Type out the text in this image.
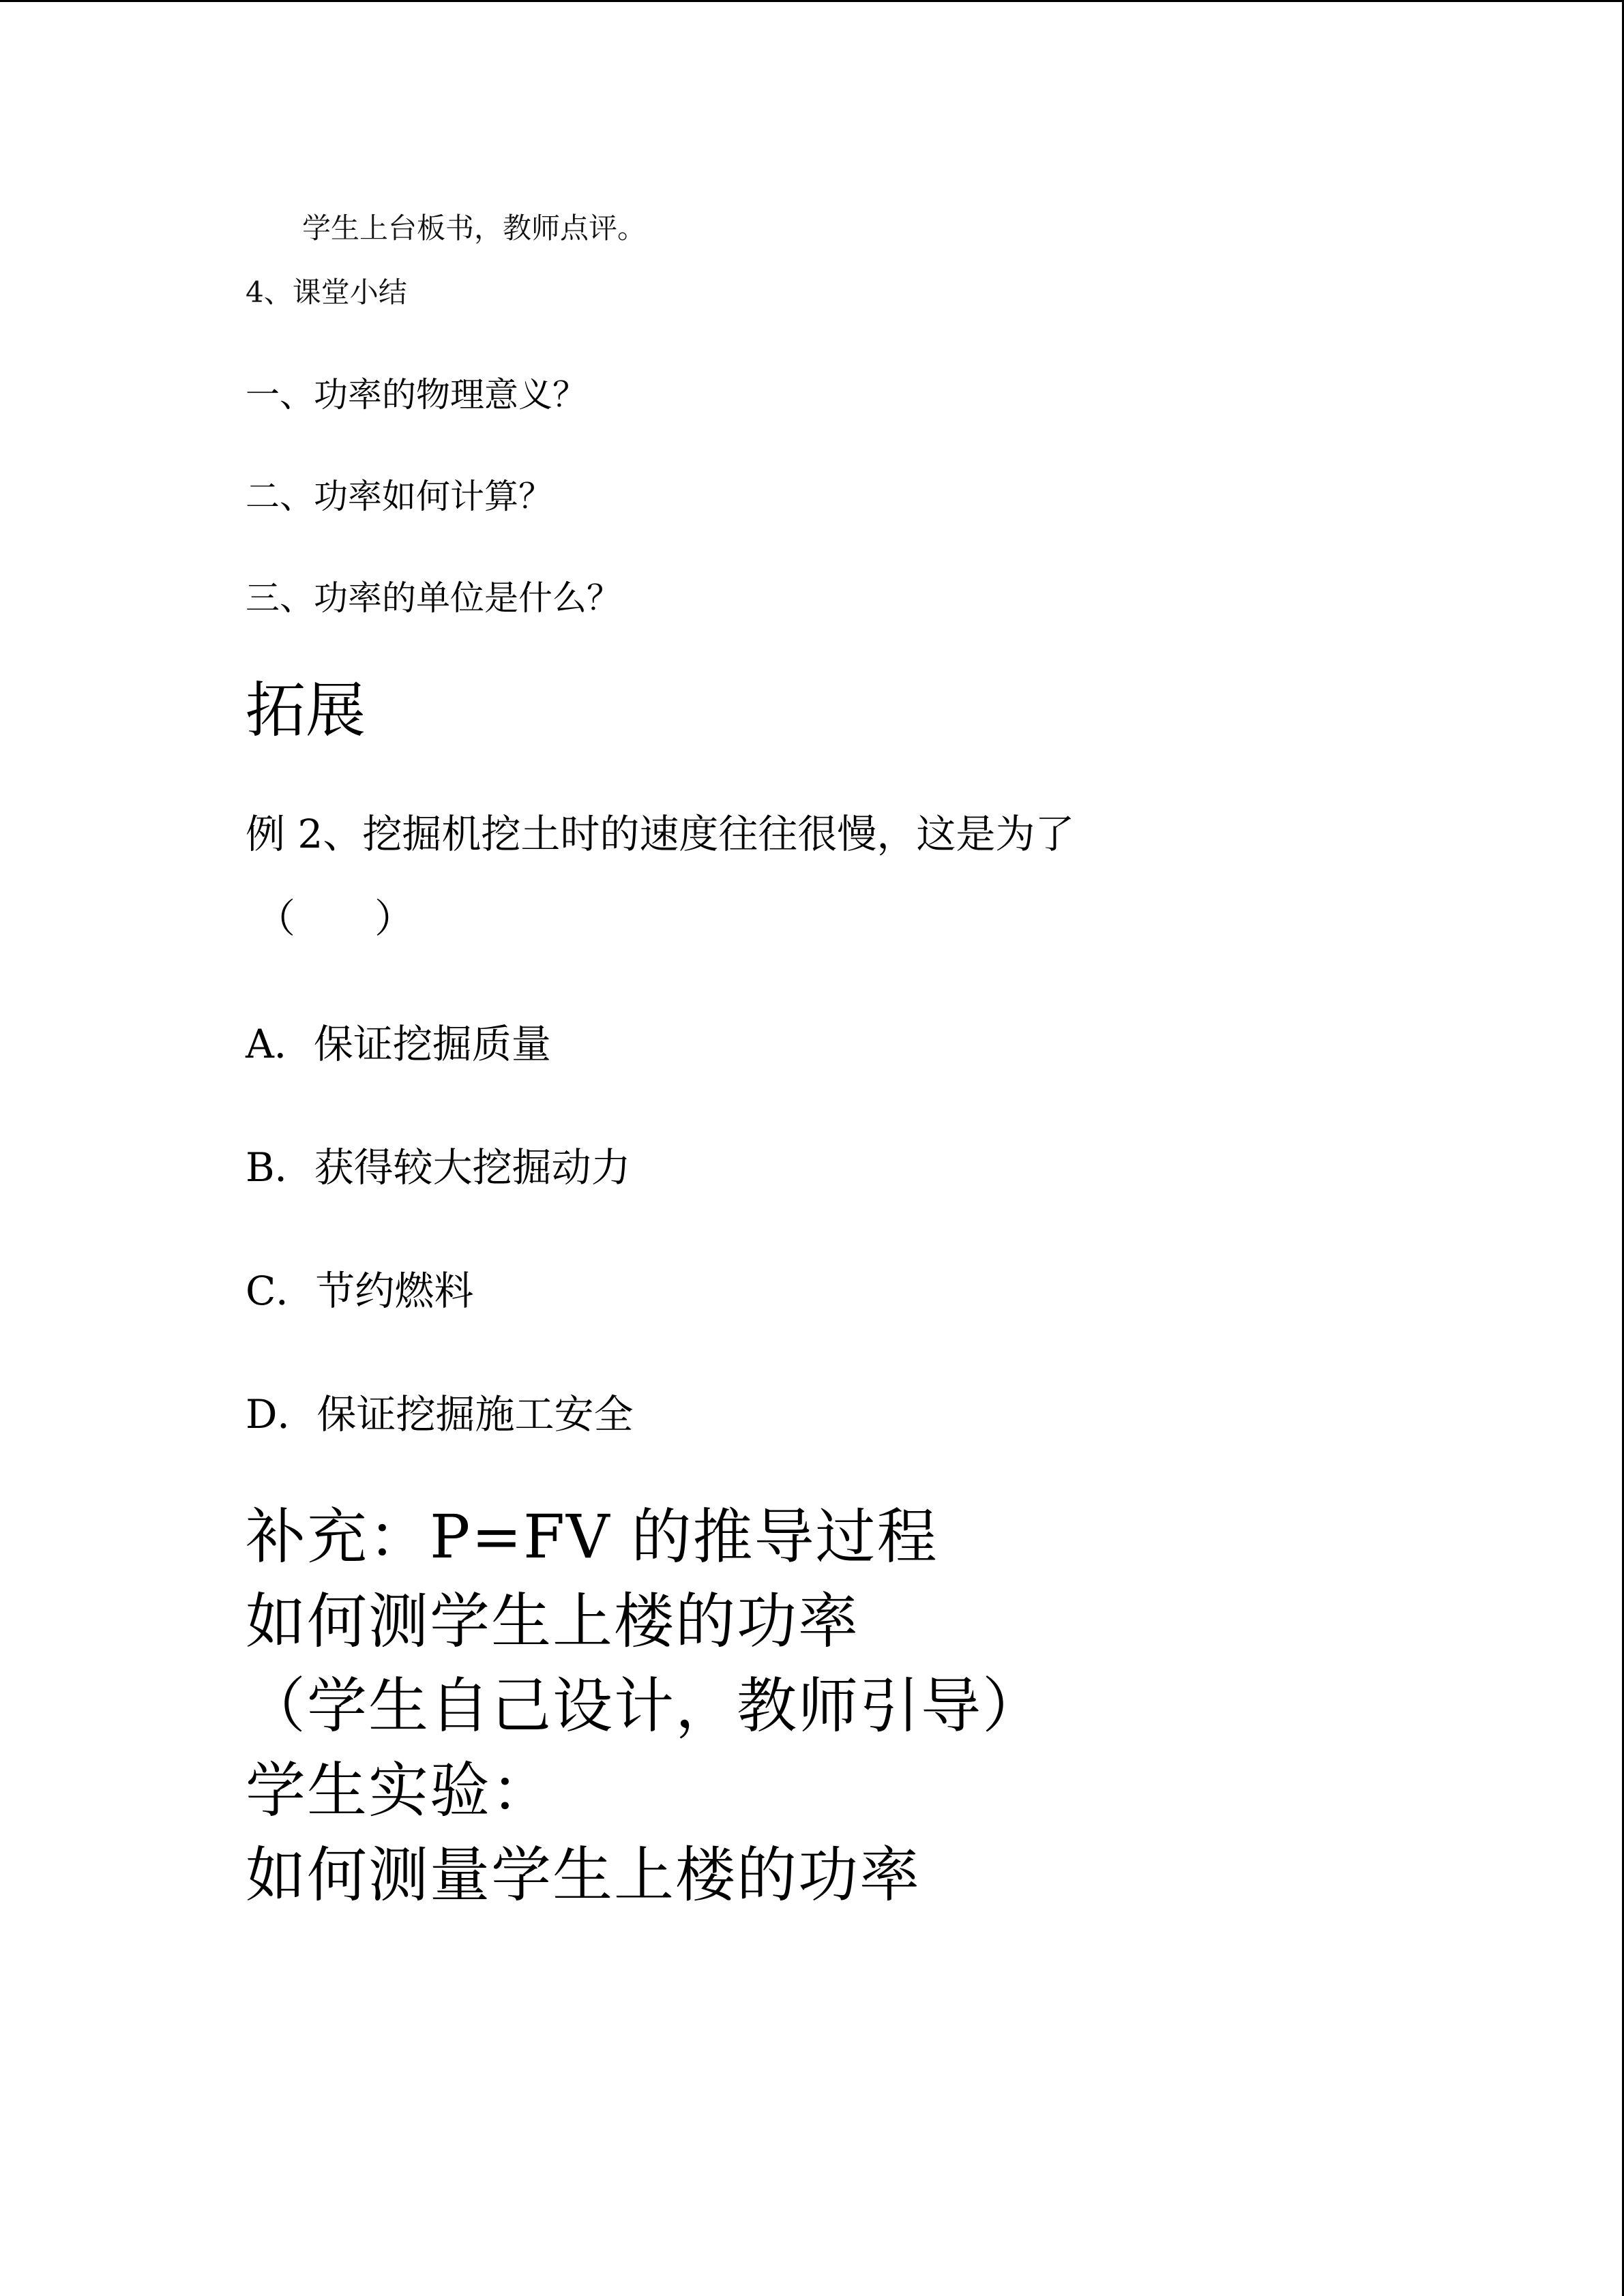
学生上台板书，教师点评。
4、课堂小结
一、功率的物理意义？
二、功率如何计算？
三、功率的单位是什么？
拓展
例 2、挖掘机挖土时的速度往往很慢，这是为了
（　　）
A．保证挖掘质量
B．获得较大挖掘动力
C．节约燃料
D．保证挖掘施工安全
补充：P=FV 的推导过程
如何测学生上楼的功率
（学生自己设计，教师引导）
学生实验：
如何测量学生上楼的功率
